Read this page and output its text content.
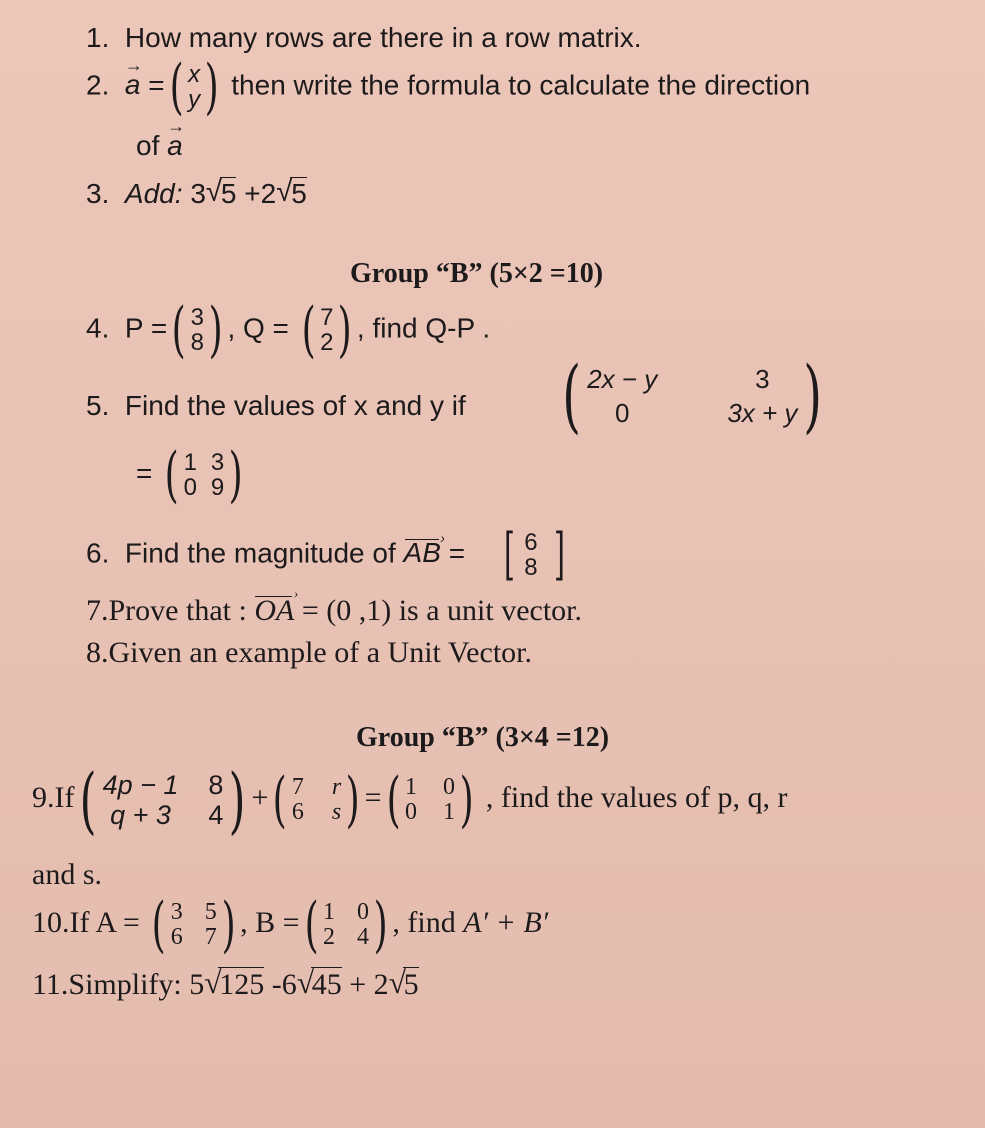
1. How many rows are there in a row matrix.
2.
→
a = ( x
y ) then write the formula to calculate the direction
of
→
a
3. Add: 3 √
5 +2 √
5
Group “B” (5×2 =10)
4. P = ( 3
8 ) , Q = ( 7
2 ) , find Q-P .
5. Find the values of x and y if ( 2x − y	3
0	3x + y )
= ( 1 3
0 9 )
6. Find the magnitude of AB › = [ 6
8 ]
7.Prove that : OA › = (0 ,1) is a unit vector.
8.Given an example of a Unit Vector.
Group “B” (3×4 =12)
9.If ( 4p − 1 8
q + 3 4 ) + ( 7 r
6 s ) = ( 1 0
0 1 ) , find the values of p, q, r
and s.
10.If A = ( 3 5
6 7 ) , B = ( 1 0
2 4 ) , find A′ + B′
11.Simplify: 5 √
125 -6 √
45 + 2 √
5
